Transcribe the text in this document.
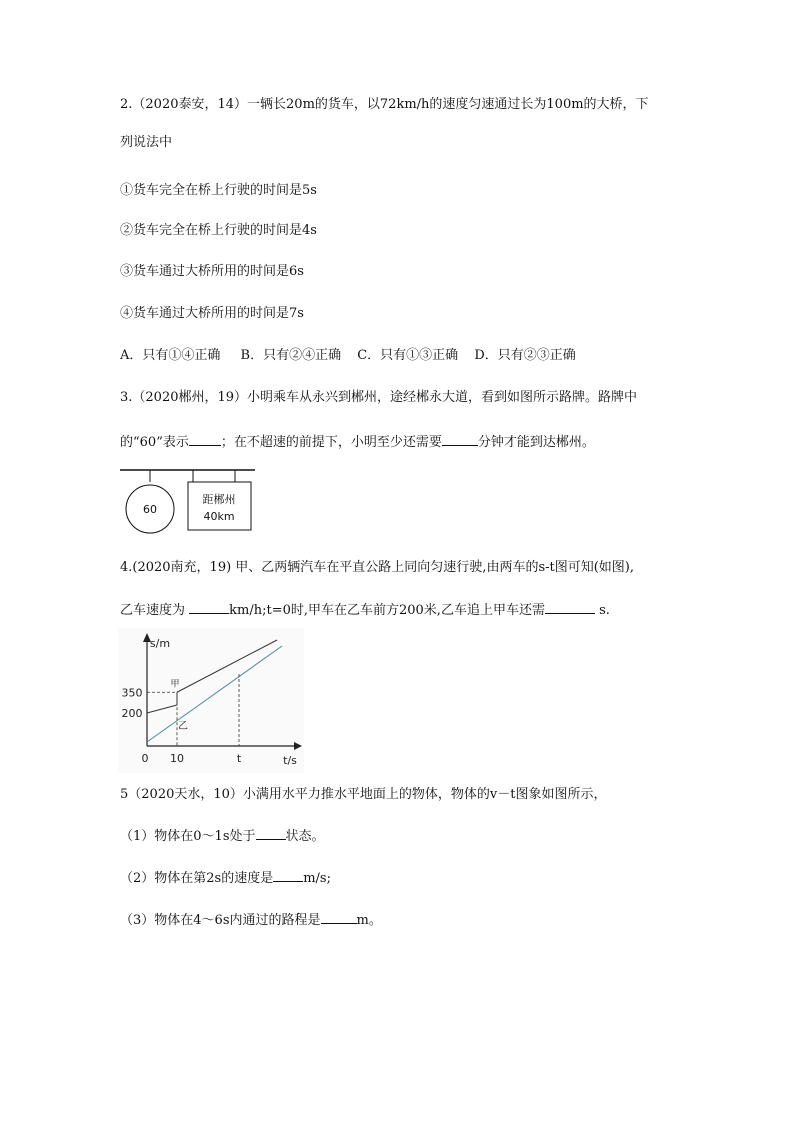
2.（2020泰安，14）一辆长20m的货车，以72km/h的速度匀速通过长为100m的大桥，下
列说法中
①货车完全在桥上行驶的时间是5s
②货车完全在桥上行驶的时间是4s
③货车通过大桥所用的时间是6s
④货车通过大桥所用的时间是7s
A．只有①④正确 B．只有②④正确 C．只有①③正确 D．只有②③正确
3.（2020郴州，19）小明乘车从永兴到郴州，途经郴永大道，看到如图所示路牌。路牌中
的“60”表示 ；在不超速的前提下，小明至少还需要	分钟才能到达郴州。
60
距郴州
40km
4.(2020南充，19) 甲、乙两辆汽车在平直公路上同向匀速行驶,由两车的s-t图可知(如图),
乙车速度为	km/h;t=0时,甲车在乙车前方200米,乙车追上甲车还需	s.
s/m
t/s
350
200
0 10	t
甲
乙
5（2020天水，10）小满用水平力推水平地面上的物体，物体的v－t图象如图所示，
（1）物体在0～1s处于 状态。
（2）物体在第2s的速度是 m/s;
（3）物体在4～6s内通过的路程是	m。
